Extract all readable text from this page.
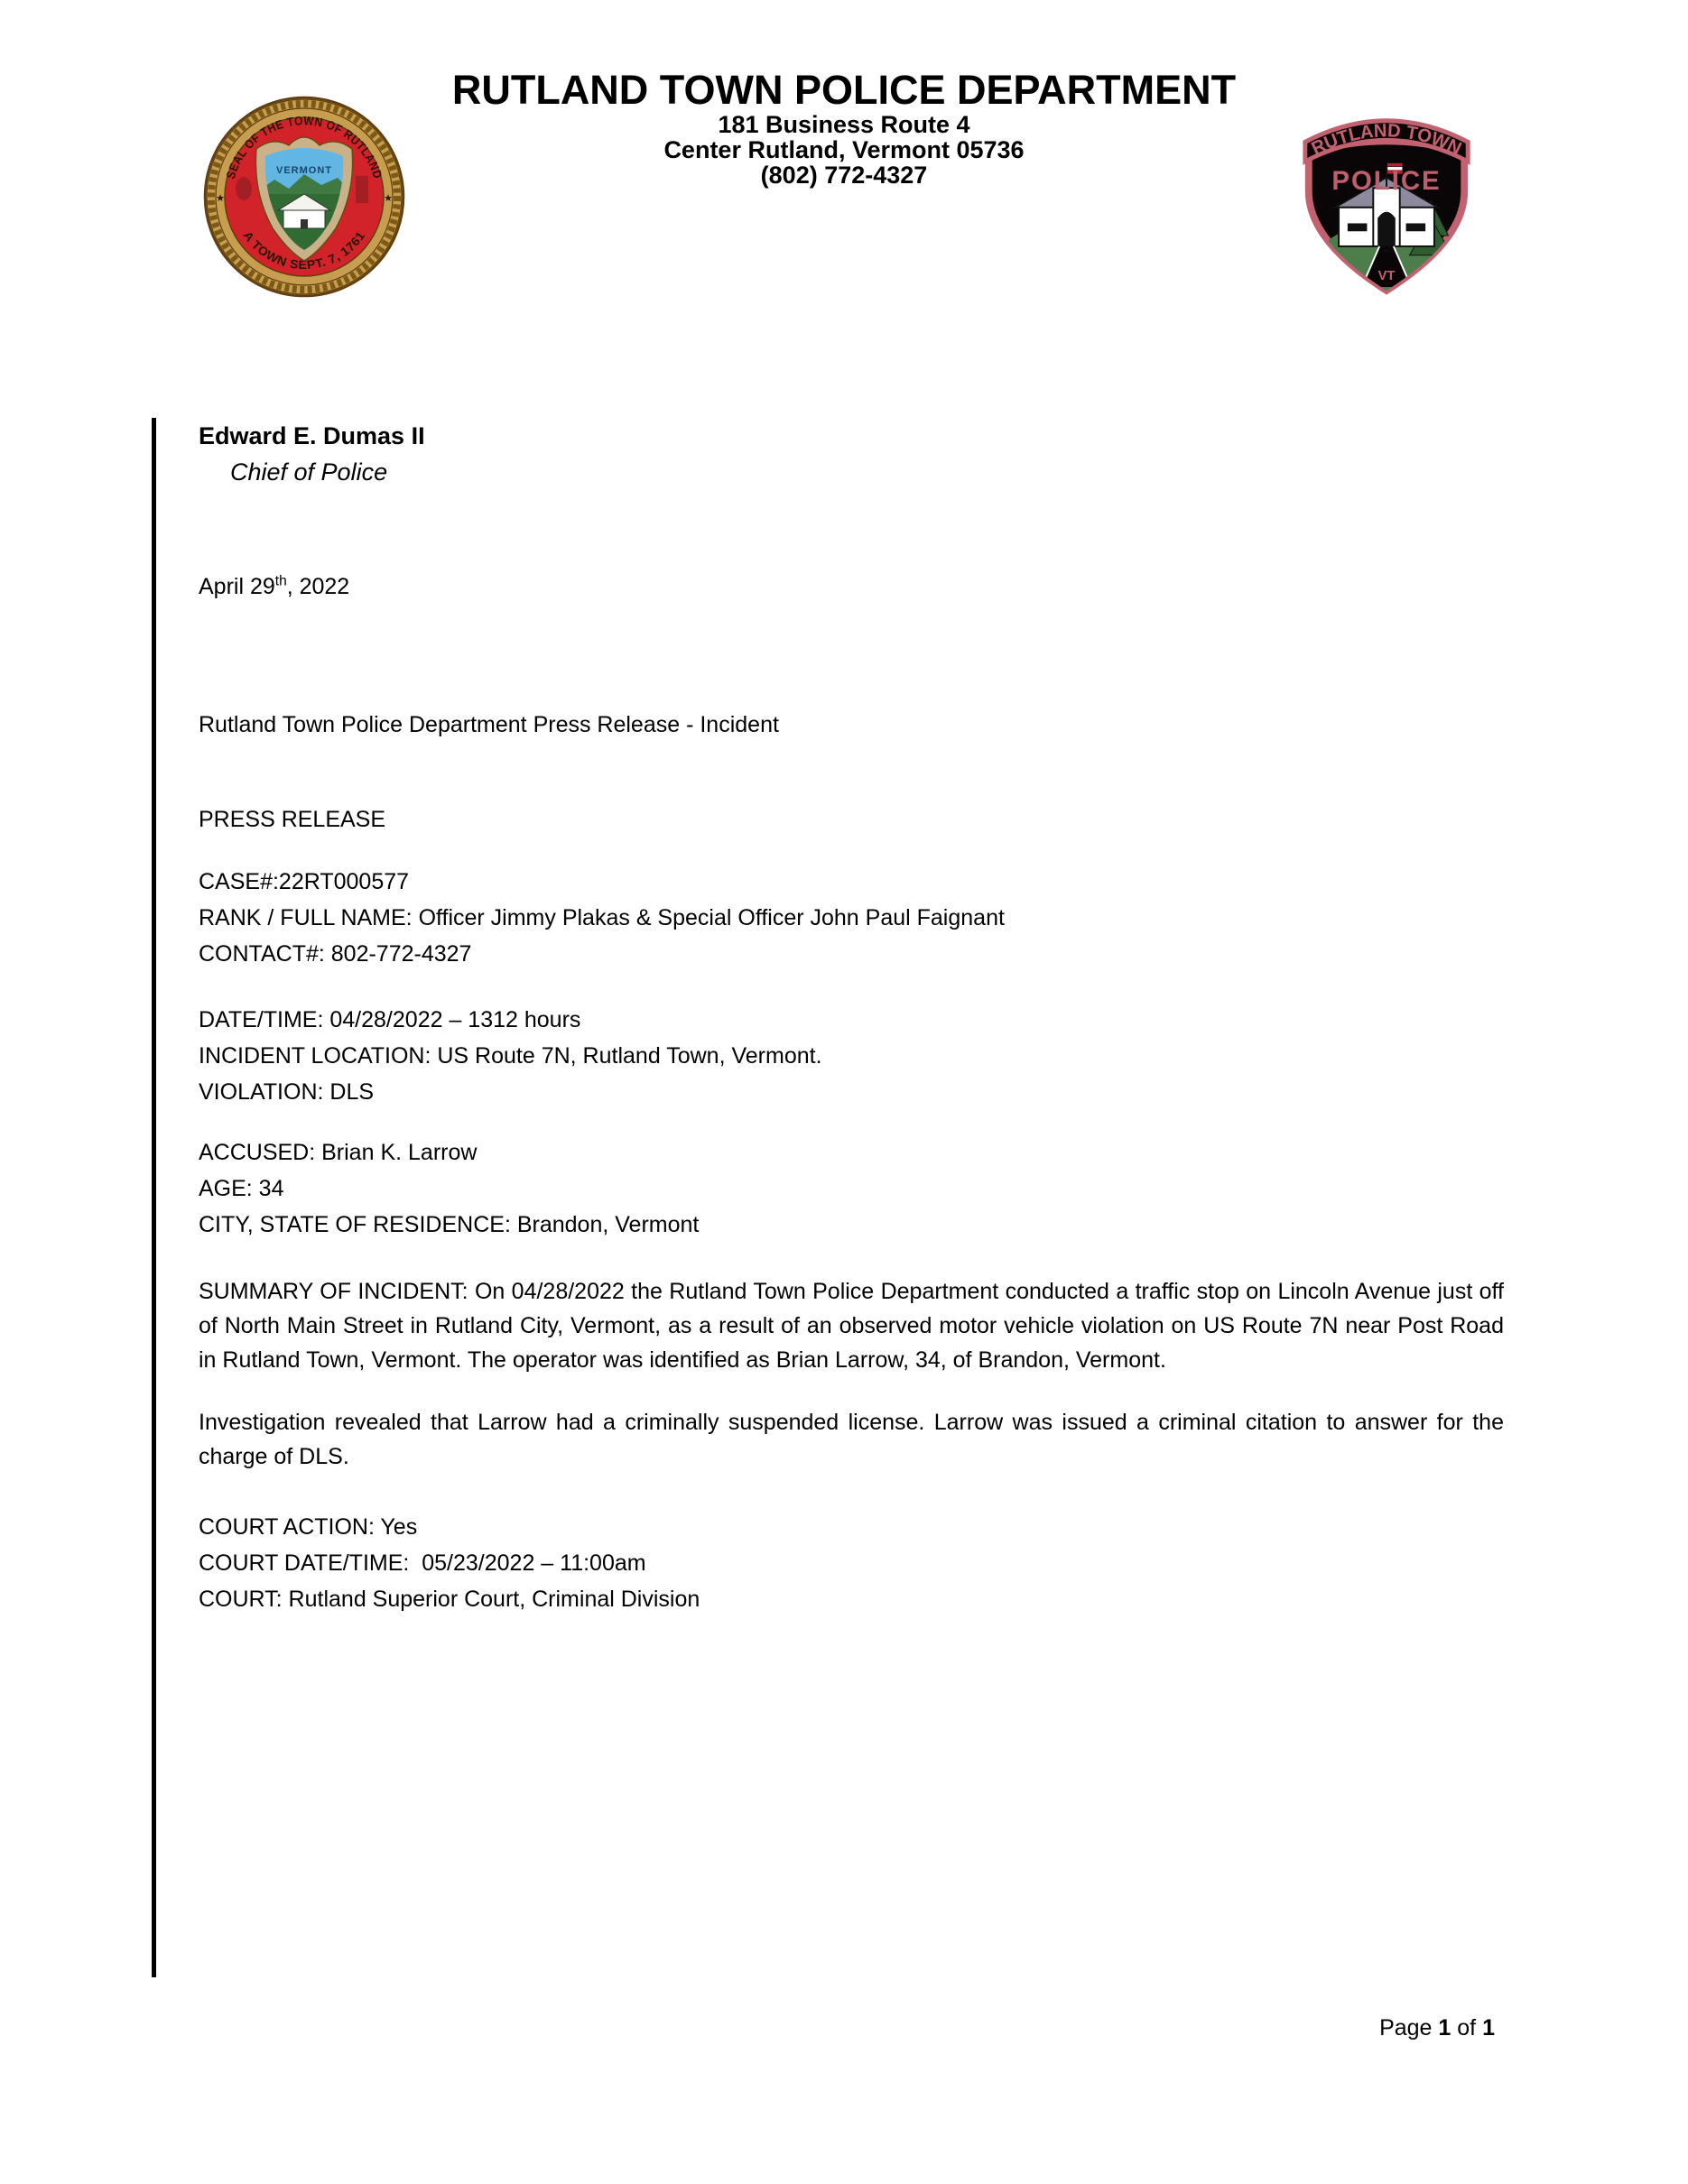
RUTLAND TOWN POLICE DEPARTMENT
181 Business Route 4
Center Rutland, Vermont 05736
(802) 772-4327
SEAL OF THE TOWN OF RUTLAND
A TOWN SEPT. 7, 1761
★	★
VERMONT
RUTLAND TOWN
POLICE
VT
Edward E. Dumas II
Chief of Police
April 29th, 2022
Rutland Town Police Department Press Release - Incident
PRESS RELEASE
CASE#:22RT000577
RANK / FULL NAME: Officer Jimmy Plakas & Special Officer John Paul Faignant
CONTACT#: 802-772-4327
DATE/TIME: 04/28/2022 – 1312 hours
INCIDENT LOCATION: US Route 7N, Rutland Town, Vermont.
VIOLATION: DLS
ACCUSED: Brian K. Larrow
AGE: 34
CITY, STATE OF RESIDENCE: Brandon, Vermont
SUMMARY OF INCIDENT: On 04/28/2022 the Rutland Town Police Department conducted a traffic stop on Lincoln Avenue just off of North Main Street in Rutland City, Vermont, as a result of an observed motor vehicle violation on US Route 7N near Post Road in Rutland Town, Vermont. The operator was identified as Brian Larrow, 34, of Brandon, Vermont.
Investigation revealed that Larrow had a criminally suspended license. Larrow was issued a criminal citation to answer for the charge of DLS.
COURT ACTION: Yes
COURT DATE/TIME:  05/23/2022 – 11:00am
COURT: Rutland Superior Court, Criminal Division
Page 1 of 1
